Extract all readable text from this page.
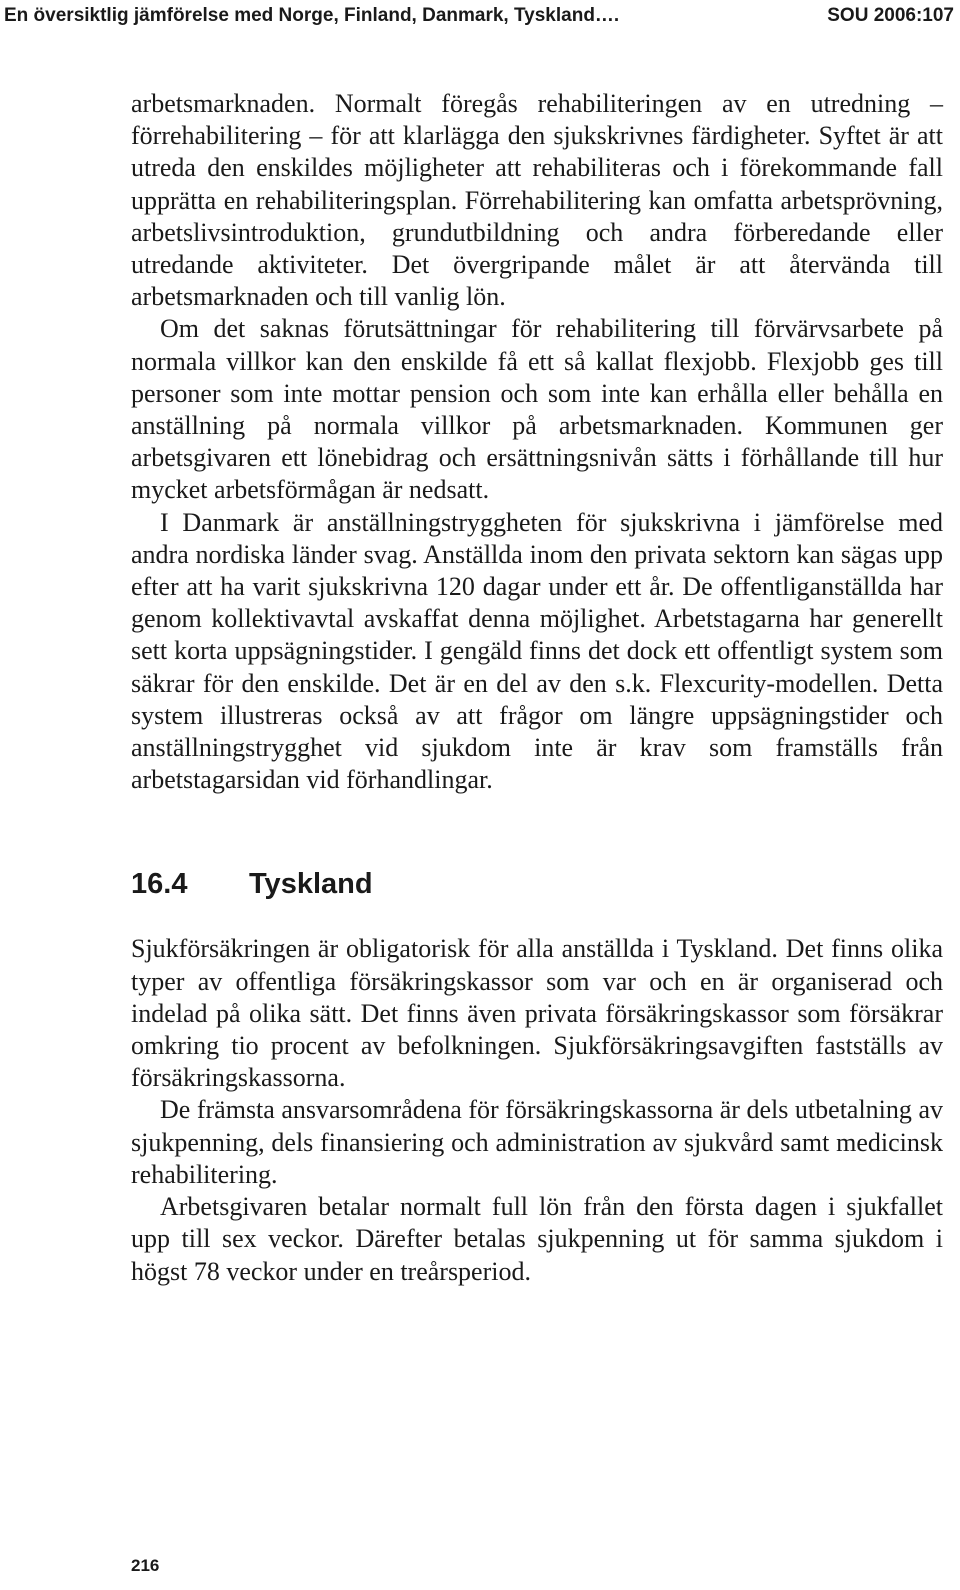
En översiktlig jämförelse med Norge, Finland, Danmark, Tyskland….	SOU 2006:107

arbetsmarknaden. Normalt föregås rehabiliteringen av en utredning – förrehabilitering – för att klarlägga den sjukskrivnes färdigheter. Syftet är att utreda den enskildes möjligheter att rehabiliteras och i förekommande fall upprätta en rehabiliteringsplan. Förrehabilitering kan omfatta arbetsprövning, arbetslivsintroduktion, grundutbildning och andra förberedande eller utredande aktiviteter. Det övergripande målet är att återvända till arbetsmarknaden och till vanlig lön.

Om det saknas förutsättningar för rehabilitering till förvärvsarbete på normala villkor kan den enskilde få ett så kallat flexjobb. Flexjobb ges till personer som inte mottar pension och som inte kan erhålla eller behålla en anställning på normala villkor på arbetsmarknaden. Kommunen ger arbetsgivaren ett lönebidrag och ersättningsnivån sätts i förhållande till hur mycket arbetsförmågan är nedsatt.

I Danmark är anställningstryggheten för sjukskrivna i jämförelse med andra nordiska länder svag. Anställda inom den privata sektorn kan sägas upp efter att ha varit sjukskrivna 120 dagar under ett år. De offentliganställda har genom kollektivavtal avskaffat denna möjlighet. Arbetstagarna har generellt sett korta uppsägningstider. I gengäld finns det dock ett offentligt system som säkrar för den enskilde. Det är en del av den s.k. Flexcurity-modellen. Detta system illustreras också av att frågor om längre uppsägningstider och anställningstrygghet vid sjukdom inte är krav som framställs från arbetstagarsidan vid förhandlingar.

16.4 Tyskland

Sjukförsäkringen är obligatorisk för alla anställda i Tyskland. Det finns olika typer av offentliga försäkringskassor som var och en är organiserad och indelad på olika sätt. Det finns även privata försäkringskassor som försäkrar omkring tio procent av befolkningen. Sjukförsäkringsavgiften fastställs av försäkringskassorna.

De främsta ansvarsområdena för försäkringskassorna är dels utbetalning av sjukpenning, dels finansiering och administration av sjukvård samt medicinsk rehabilitering.

Arbetsgivaren betalar normalt full lön från den första dagen i sjukfallet upp till sex veckor. Därefter betalas sjukpenning ut för samma sjukdom i högst 78 veckor under en treårsperiod.

216
